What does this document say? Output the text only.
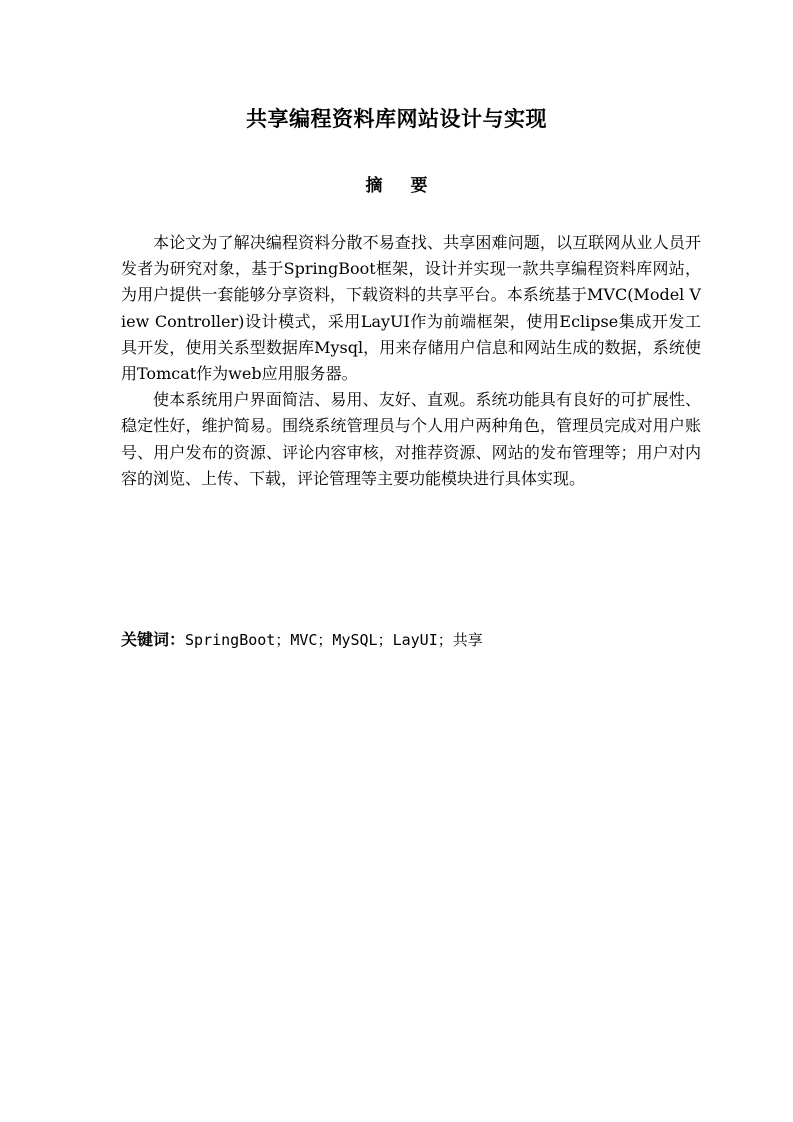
共享编程资料库网站设计与实现
摘 要

本论文为了解决编程资料分散不易查找、共享困难问题，以互联网从业人员开发者为研究对象，基于SpringBoot框架，设计并实现一款共享编程资料库网站，为用户提供一套能够分享资料，下载资料的共享平台。本系统基于MVC(Model View Controller)设计模式，采用LayUI作为前端框架，使用Eclipse集成开发工具开发，使用关系型数据库Mysql，用来存储用户信息和网站生成的数据，系统使用Tomcat作为web应用服务器。

使本系统用户界面简洁、易用、友好、直观。系统功能具有良好的可扩展性、稳定性好，维护简易。围绕系统管理员与个人用户两种角色，管理员完成对用户账号、用户发布的资源、评论内容审核，对推荐资源、网站的发布管理等；用户对内容的浏览、上传、下载，评论管理等主要功能模块进行具体实现。

关键词：SpringBoot；MVC；MySQL；LayUI；共享
